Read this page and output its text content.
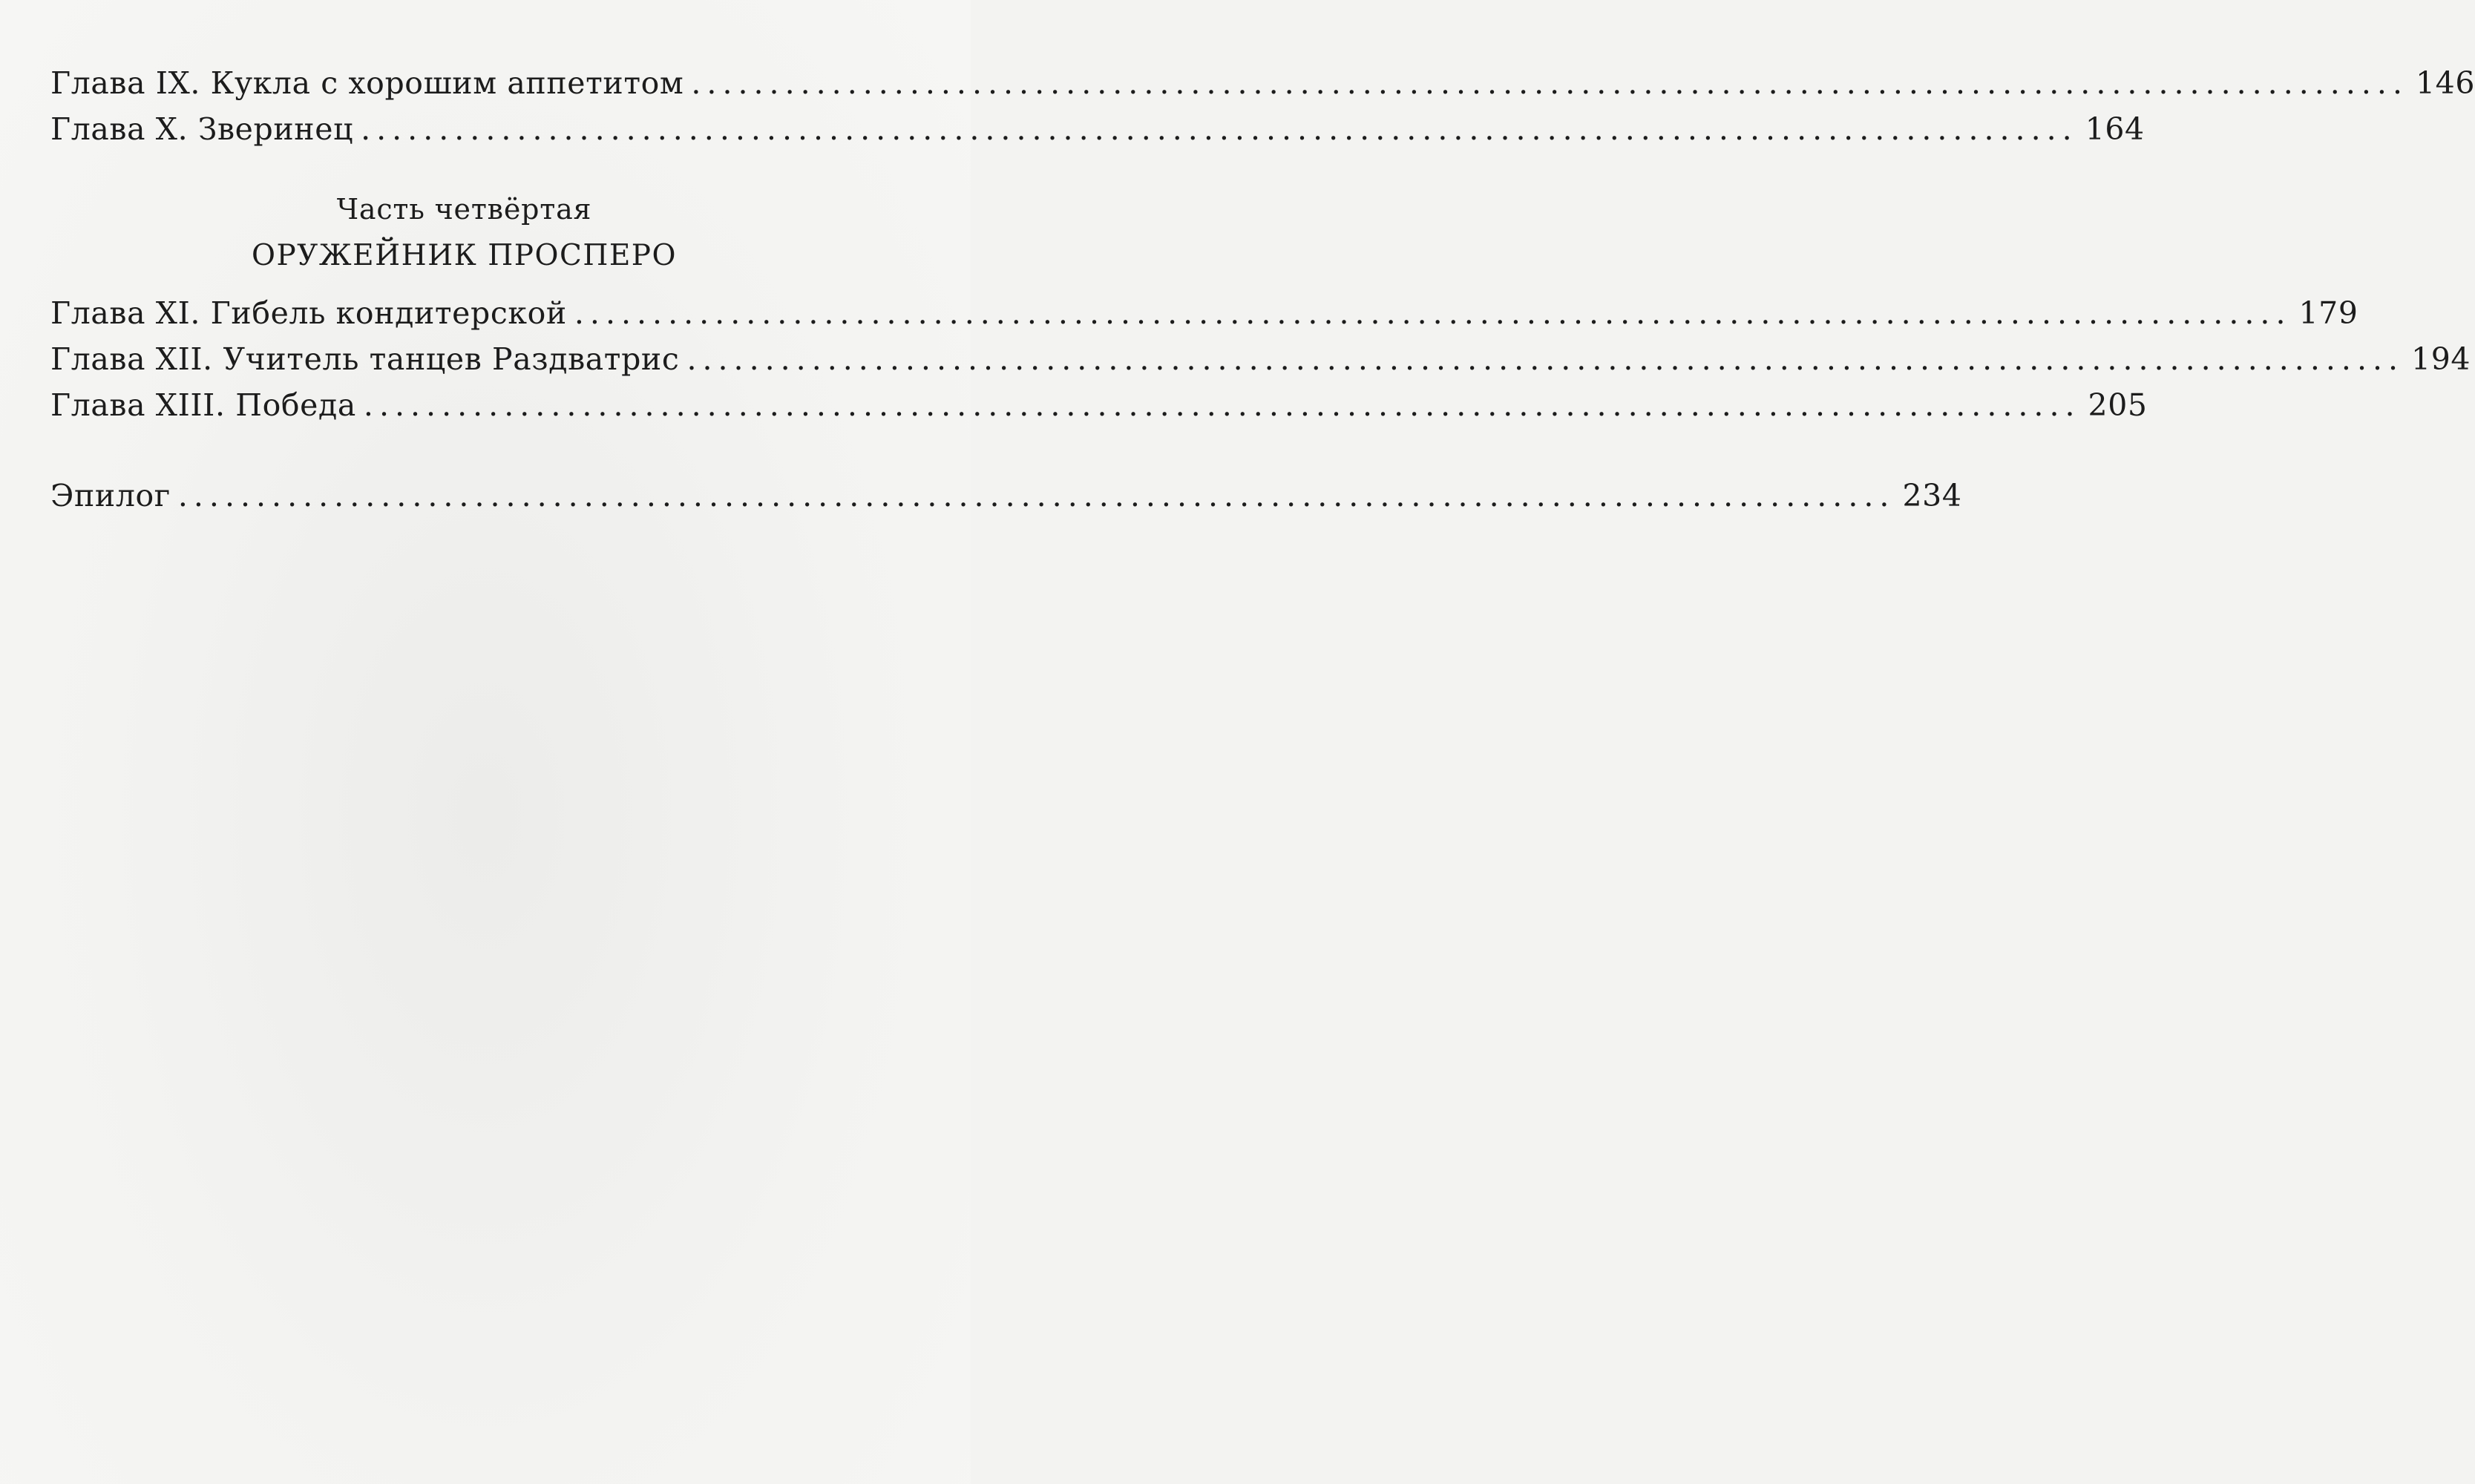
Глава IX. Кукла с хорошим аппетитом .............................................................................................................. 146
Глава X. Зверинец .............................................................................................................. 164
Часть четвёртая
ОРУЖЕЙНИК ПРОСПЕРО
Глава XI. Гибель кондитерской .............................................................................................................. 179
Глава XII. Учитель танцев Раздватрис .............................................................................................................. 194
Глава XIII. Победа .............................................................................................................. 205
Эпилог .............................................................................................................. 234
